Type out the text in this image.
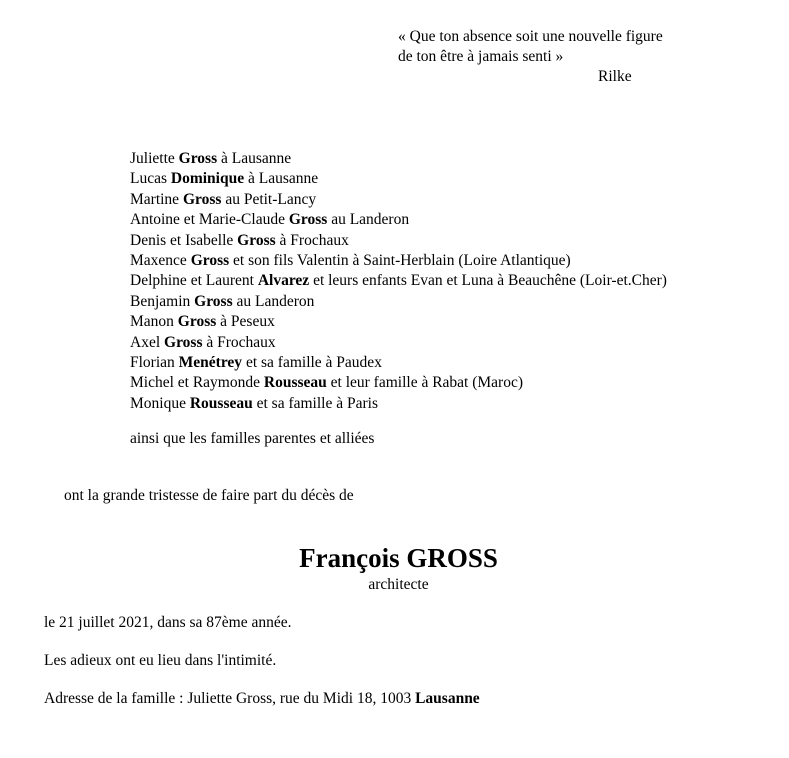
« Que ton absence soit une nouvelle figure
de ton être à jamais senti »
Rilke
Juliette Gross à Lausanne
Lucas Dominique à Lausanne
Martine Gross au Petit-Lancy
Antoine et Marie-Claude Gross au Landeron
Denis et Isabelle Gross à Frochaux
Maxence Gross et son fils Valentin à Saint-Herblain (Loire Atlantique)
Delphine et Laurent Alvarez et leurs enfants Evan et Luna à Beauchêne (Loir-et.Cher)
Benjamin Gross au Landeron
Manon Gross à Peseux
Axel Gross à Frochaux
Florian Menétrey et sa famille à Paudex
Michel et Raymonde Rousseau et leur famille à Rabat (Maroc)
Monique Rousseau et sa famille à Paris
ainsi que les familles parentes et alliées
ont la grande tristesse de faire part du décès de
François GROSS
architecte
le 21 juillet 2021, dans sa 87ème année.
Les adieux ont eu lieu dans l'intimité.
Adresse de la famille : Juliette Gross, rue du Midi 18, 1003 Lausanne
